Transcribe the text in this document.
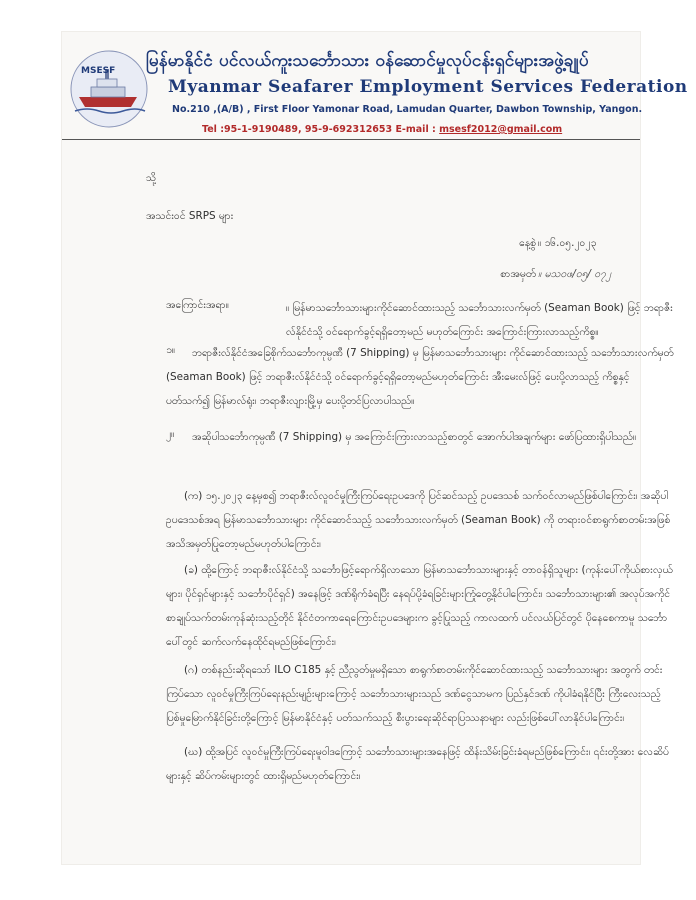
MSESF မြန်မာနိုင်ငံ ပင်လယ်ကူးသင်္ဘောသား ဝန်ဆောင်မှုလုပ်ငန်းရှင်များအဖွဲ့ချုပ်
Myanmar Seafarer Employment Services Federation
No.210 ,(A/B) , First Floor Yamonar Road, Lamudan Quarter, Dawbon Township, Yangon.
Tel :95-1-9190489, 95-9-692312653 E-mail : msesf2012@gmail.com
သို့
အသင်းဝင် SRPS များ
နေ့စွဲ ။ ၁၆.၀၅.၂၀၂၃
စာအမှတ် ။ မသဝဖ/၀၅/ ၀၇၂
အကြောင်းအရာ။	။ မြန်မာသင်္ဘောသားများကိုင်ဆောင်ထားသည့် သင်္ဘောသားလက်မှတ် (Seaman Book) ဖြင့် ဘရာဇီးလ်နိုင်ငံသို့ ဝင်ရောက်ခွင့်ရရှိတော့မည် မဟုတ်ကြောင်း အကြောင်းကြားလာသည့်ကိစ္စ။
၁။	ဘရာဇီးလ်နိုင်ငံအခြေစိုက်သင်္ဘောကုမ္ပဏီ (7 Shipping) မှ မြန်မာသင်္ဘောသားများ ကိုင်ဆောင်ထားသည့် သင်္ဘောသားလက်မှတ် (Seaman Book) ဖြင့် ဘရာဇီးလ်နိုင်ငံသို့ ဝင်ရောက်ခွင့်ရရှိတော့မည်မဟုတ်ကြောင်း အီးမေးလ်ဖြင့် ပေးပို့လာသည့် ကိစ္စနှင့် ပတ်သက်၍ မြန်မာလ်ရုံး၊ ဘရာဇီးလျားမြို့မှ ပေးပို့တင်ပြလာပါသည်။
၂။	အဆိုပါသင်္ဘောကုမ္ပဏီ (7 Shipping) မှ အကြောင်းကြားလာသည့်စာတွင် အောက်ပါအချက်များ ဖော်ပြထားရှိပါသည်။
(က) ၁၅.၂၀၂၃ နေ့မှစ၍ ဘရာဇီးလ်လူဝင်မှုကြီးကြပ်ရေးဥပဒေကို ပြင်ဆင်သည့် ဥပဒေသစ် သက်ဝင်လာမည်ဖြစ်ပါကြောင်း၊ အဆိုပါဥပဒေသစ်အရ မြန်မာသင်္ဘောသားများ ကိုင်ဆောင်သည့် သင်္ဘောသားလက်မှတ် (Seaman Book) ကို တရားဝင်စာရွက်စာတမ်းအဖြစ် အသိအမှတ်ပြုတော့မည်မဟုတ်ပါကြောင်း၊
(ခ) ထို့ကြောင့် ဘရာဇီးလ်နိုင်ငံသို့ သင်္ဘောဖြင့်ရောက်ရှိလာသော မြန်မာသင်္ဘောသားများနှင့် တာဝန်ရှိသူများ (ကုန်းပေါ်ကိုယ်စားလှယ်များ၊ ပိုင်ရှင်များနှင့် သင်္ဘောပိုင်ရှင်) အနေဖြင့် ဒဏ်ရိုက်ခံရပြီး နေရပ်ပို့ခံရခြင်းများကြုံတွေ့နိုင်ပါကြောင်း၊ သင်္ဘောသားများ၏ အလုပ်အကိုင် စာချုပ်သက်တမ်းကုန်ဆုံးသည့်တိုင် နိုင်ငံတကာရေကြောင်းဥပဒေများက ခွင့်ပြုသည့် ကာလထက် ပင်လယ်ပြင်တွင် ပိုနေစေကာမူ သင်္ဘောပေါ်တွင် ဆက်လက်နေထိုင်ရမည်ဖြစ်ကြောင်း၊
(ဂ) တစ်နည်းဆိုရသော် ILO C185 နှင့် ညီညွတ်မှုမရှိသော စာရွက်စာတမ်းကိုင်ဆောင်ထားသည့် သင်္ဘောသားများ အတွက် တင်းကြပ်သော လူဝင်မှုကြီးကြပ်ရေးနည်းမျဉ်းများကြောင့် သင်္ဘောသားများသည် ဒဏ်ငွေသာမက ပြည်နှင်ဒဏ် ကိုပါခံရနိုင်ပြီး ကြီးလေးသည့် ပြစ်မှုမြောက်နိုင်ခြင်းတို့ကြောင့် မြန်မာနိုင်ငံနှင့် ပတ်သက်သည့် စီးပွားရေးဆိုင်ရာပြဿနာများ လည်းဖြစ်ပေါ်လာနိုင်ပါကြောင်း၊
(ဃ) ထို့အပြင် လူဝင်မှုကြီးကြပ်ရေးမူဝါဒကြောင့် သင်္ဘောသားများအနေဖြင့် ထိန်းသိမ်းခြင်းခံရမည်ဖြစ်ကြောင်း၊ ၎င်းတို့အား လေဆိပ်များနှင့် ဆိပ်ကမ်းများတွင် ထားရှိမည်မဟုတ်ကြောင်း၊
